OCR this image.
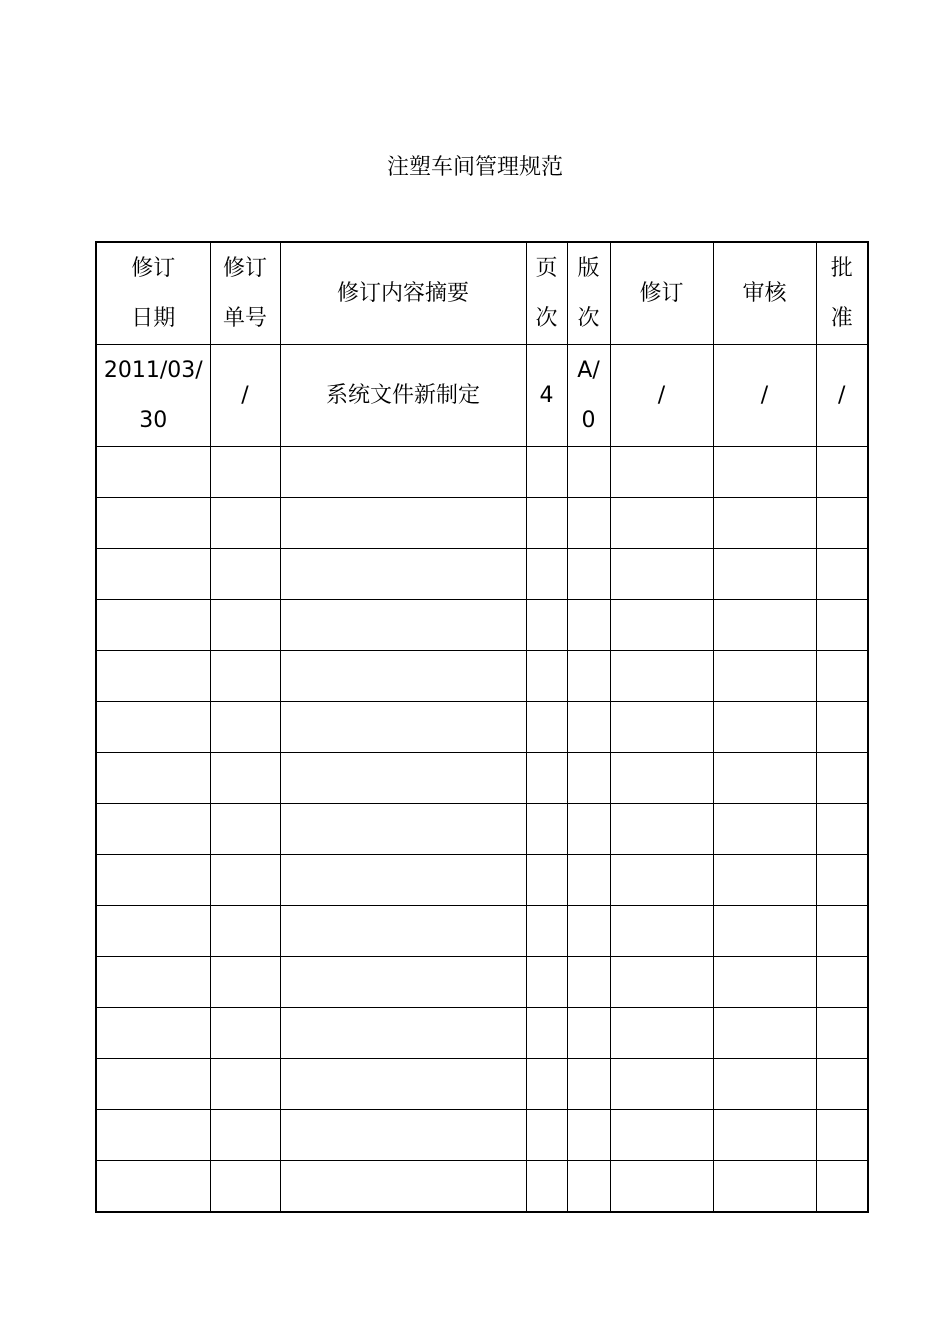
注塑车间管理规范
修订日期	修订单号	修订内容摘要	页次	版次	修订	审核	批准
2011/03/30	/	系统文件新制定	4	A/0	/	/	/
